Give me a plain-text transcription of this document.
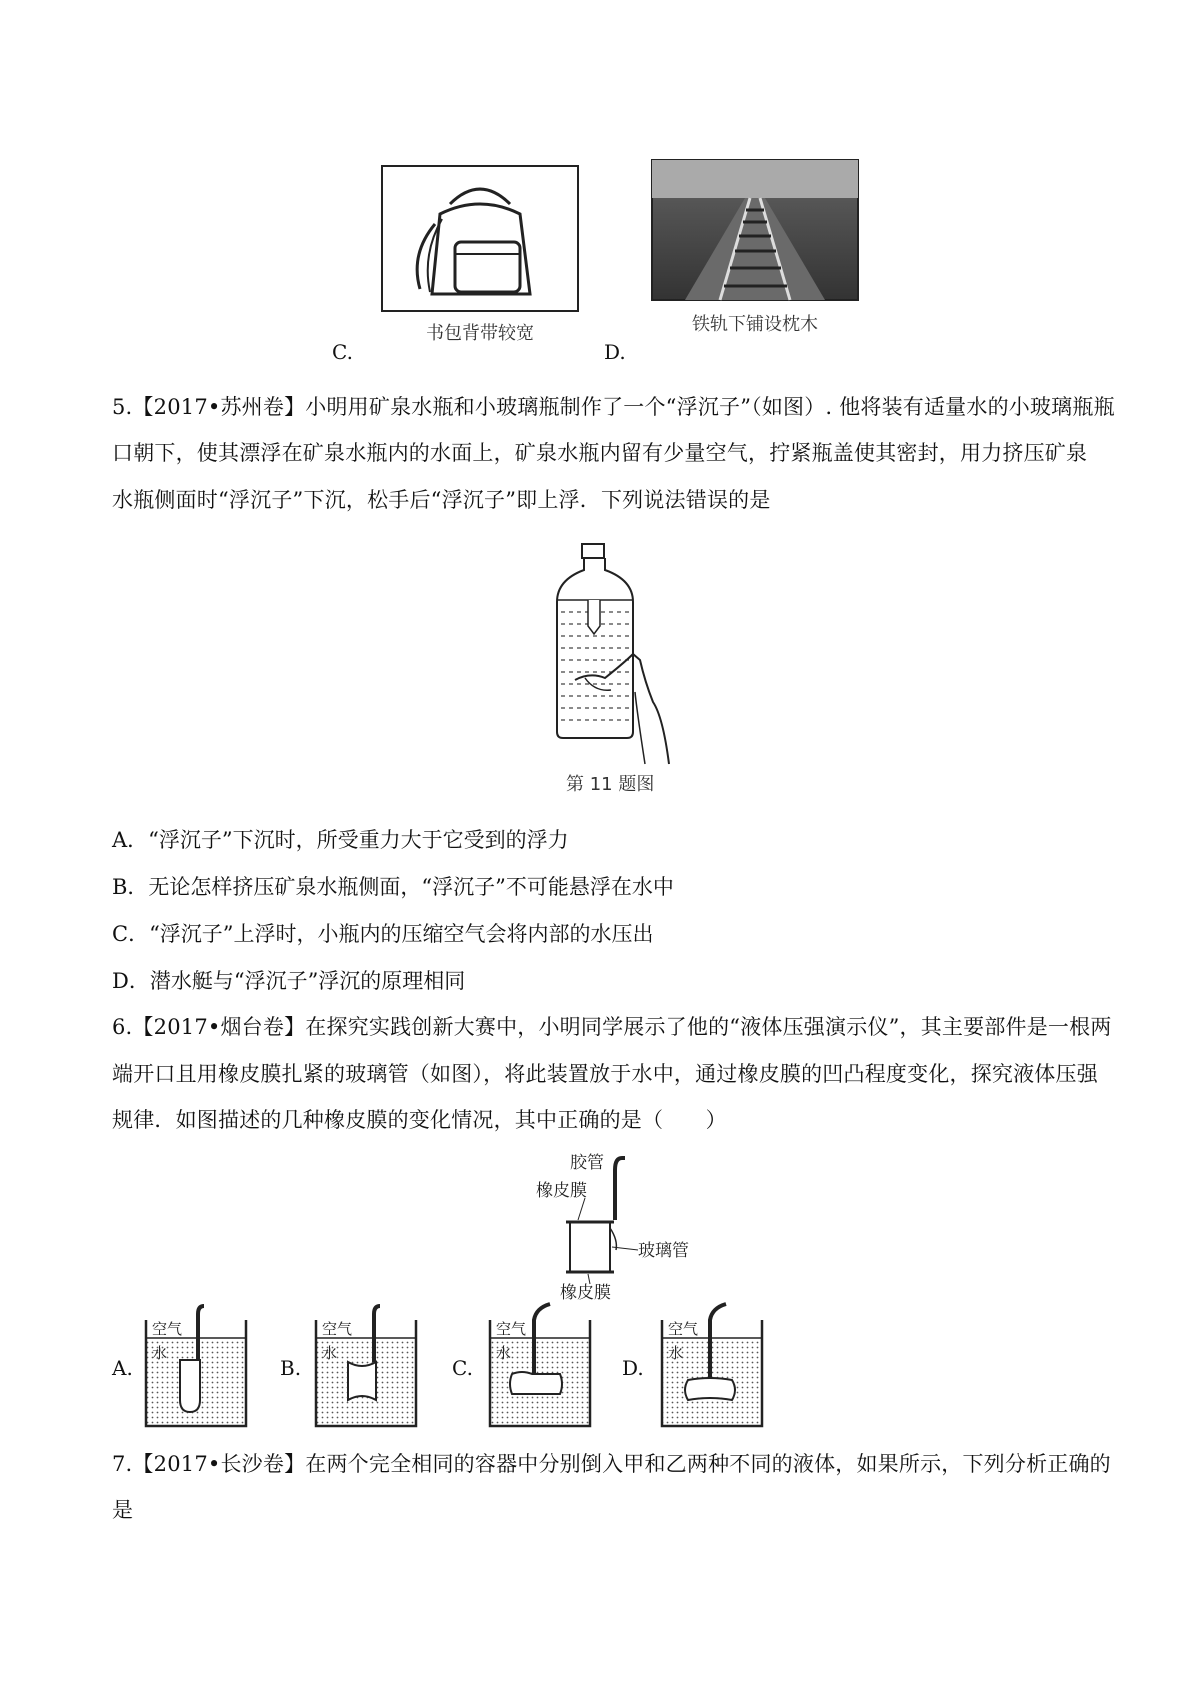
C.
书包背带较宽
D.
铁轨下铺设枕木
5.【2017•苏州卷】小明用矿泉水瓶和小玻璃瓶制作了一个“浮沉子”（如图）. 他将装有适量水的小玻璃瓶瓶
口朝下，使其漂浮在矿泉水瓶内的水面上，矿泉水瓶内留有少量空气，拧紧瓶盖使其密封，用力挤压矿泉
水瓶侧面时“浮沉子”下沉，松手后“浮沉子”即上浮．下列说法错误的是
第 11 题图
A．“浮沉子”下沉时，所受重力大于它受到的浮力
B．无论怎样挤压矿泉水瓶侧面，“浮沉子”不可能悬浮在水中
C．“浮沉子”上浮时，小瓶内的压缩空气会将内部的水压出
D．潜水艇与“浮沉子”浮沉的原理相同
6.【2017•烟台卷】在探究实践创新大赛中，小明同学展示了他的“液体压强演示仪”，其主要部件是一根两
端开口且用橡皮膜扎紧的玻璃管（如图），将此装置放于水中，通过橡皮膜的凹凸程度变化，探究液体压强
规律．如图描述的几种橡皮膜的变化情况，其中正确的是（　　）
胶管
橡皮膜
玻璃管
橡皮膜
A.	B.	C.	D.
空气
水
空气
水
空气
水
空气
水
7.【2017•长沙卷】在两个完全相同的容器中分别倒入甲和乙两种不同的液体，如果所示，下列分析正确的
是
